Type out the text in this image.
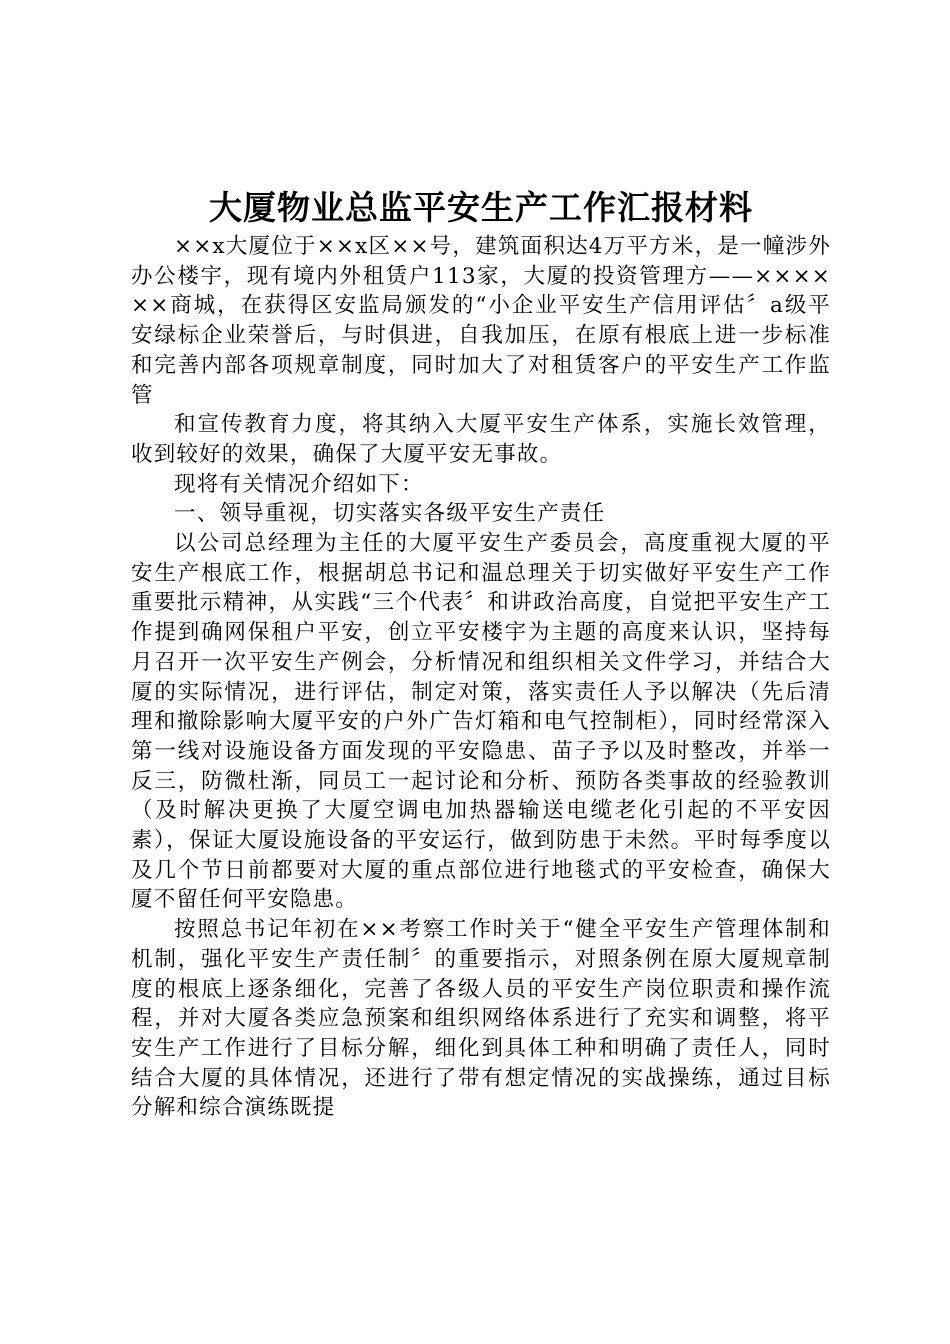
大厦物业总监平安生产工作汇报材料

××x大厦位于××x区××号，建筑面积达4万平方米，是一幢涉外办公楼宇，现有境内外租赁户113家，大厦的投资管理方——××××××商城，在获得区安监局颁发的“小企业平安生产信用评估〞a级平安绿标企业荣誉后，与时俱进，自我加压，在原有根底上进一步标准和完善内部各项规章制度，同时加大了对租赁客户的平安生产工作监管

和宣传教育力度，将其纳入大厦平安生产体系，实施长效管理，收到较好的效果，确保了大厦平安无事故。

现将有关情况介绍如下：

一、领导重视，切实落实各级平安生产责任

以公司总经理为主任的大厦平安生产委员会，高度重视大厦的平安生产根底工作，根据胡总书记和温总理关于切实做好平安生产工作重要批示精神，从实践“三个代表〞和讲政治高度，自觉把平安生产工作提到确网保租户平安，创立平安楼宇为主题的高度来认识，坚持每月召开一次平安生产例会，分析情况和组织相关文件学习，并结合大厦的实际情况，进行评估，制定对策，落实责任人予以解决（先后清理和撤除影响大厦平安的户外广告灯箱和电气控制柜），同时经常深入第一线对设施设备方面发现的平安隐患、苗子予以及时整改，并举一反三，防微杜渐，同员工一起讨论和分析、预防各类事故的经验教训（及时解决更换了大厦空调电加热器输送电缆老化引起的不平安因素），保证大厦设施设备的平安运行，做到防患于未然。平时每季度以及几个节日前都要对大厦的重点部位进行地毯式的平安检查，确保大厦不留任何平安隐患。

按照总书记年初在××考察工作时关于“健全平安生产管理体制和机制，强化平安生产责任制〞的重要指示，对照条例在原大厦规章制度的根底上逐条细化，完善了各级人员的平安生产岗位职责和操作流程，并对大厦各类应急预案和组织网络体系进行了充实和调整，将平安生产工作进行了目标分解，细化到具体工种和明确了责任人，同时结合大厦的具体情况，还进行了带有想定情况的实战操练，通过目标分解和综合演练既提
